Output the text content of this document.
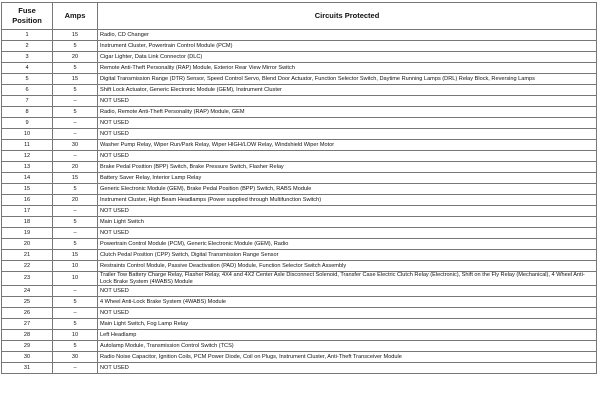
Fuse
Position	Amps	Circuits Protected
1	15	Radio, CD Changer
2	5	Instrument Cluster, Powertrain Control Module (PCM)
3	20	Cigar Lighter, Data Link Connector (DLC)
4	5	Remote Anti-Theft Personality (RAP) Module, Exterior Rear View Mirror Switch
5	15	Digital Transmission Range (DTR) Sensor, Speed Control Servo, Blend Door Actuator, Function Selector Switch, Daytime Running Lamps (DRL) Relay Block, Reversing Lamps
6	5	Shift Lock Actuator, Generic Electronic Module (GEM), Instrument Cluster
7	–	NOT USED
8	5	Radio, Remote Anti-Theft Personality (RAP) Module, GEM
9	–	NOT USED
10	–	NOT USED
11	30	Washer Pump Relay, Wiper Run/Park Relay, Wiper HIGH/LOW Relay, Windshield Wiper Motor
12	–	NOT USED
13	20	Brake Pedal Position (BPP) Switch, Brake Pressure Switch, Flasher Relay
14	15	Battery Saver Relay, Interior Lamp Relay
15	5	Generic Electronic Module (GEM), Brake Pedal Position (BPP) Switch, RABS Module
16	20	Instrument Cluster, High Beam Headlamps (Power supplied through Multifunction Switch)
17	–	NOT USED
18	5	Main Light Switch
19	–	NOT USED
20	5	Powertrain Control Module (PCM), Generic Electronic Module (GEM), Radio
21	15	Clutch Pedal Position (CPP) Switch, Digital Transmission Range Sensor
22	10	Restraints Control Module, Passive Deactivation (PAD) Module, Function Selector Switch Assembly
23	10	Trailer Tow Battery Charge Relay, Flasher Relay, 4X4 and 4X2 Center Axle Disconnect Solenoid, Transfer Case Electric Clutch Relay (Electronic), Shift on the Fly Relay (Mechanical), 4 Wheel Anti-Lock Brake System (4WABS) Module
24	–	NOT USED
25	5	4 Wheel Anti-Lock Brake System (4WABS) Module
26	–	NOT USED
27	5	Main Light Switch, Fog Lamp Relay
28	10	Left Headlamp
29	5	Autolamp Module, Transmission Control Switch (TCS)
30	30	Radio Noise Capacitor, Ignition Coils, PCM Power Diode, Coil on Plugs, Instrument Cluster, Anti-Theft Transceiver Module
31	–	NOT USED
